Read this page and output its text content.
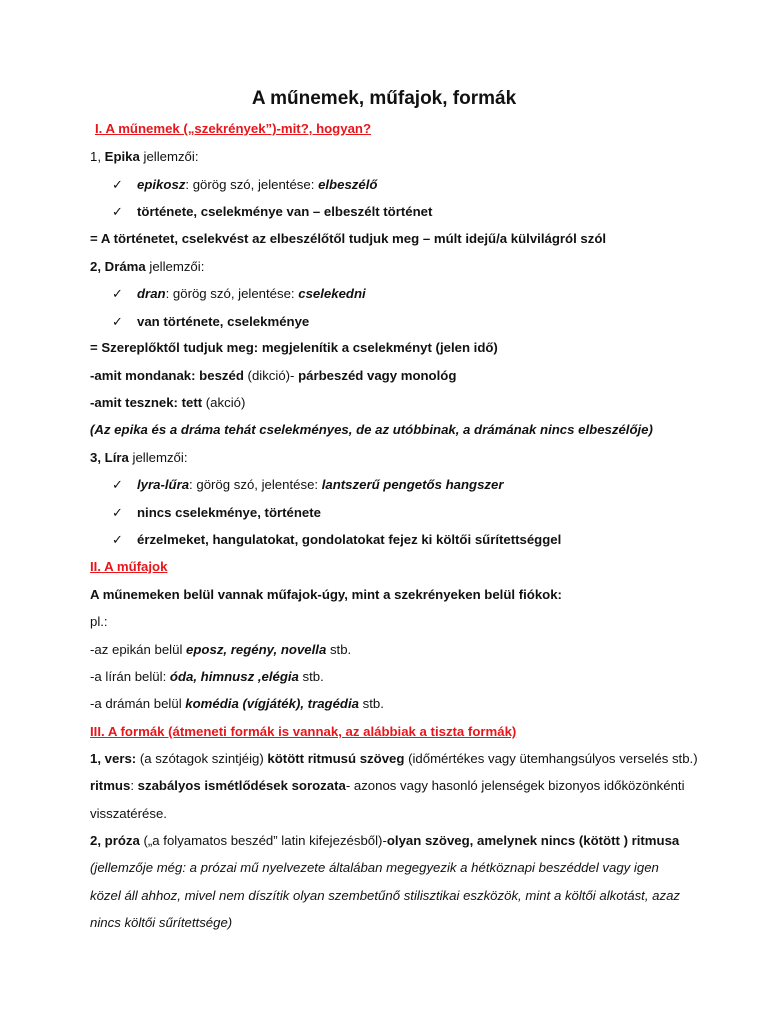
A műnemek, műfajok, formák
I. A műnemek („szekrények”)-mit?, hogyan?
1, Epika jellemzői:
✓ epikosz: görög szó, jelentése: elbeszélő
✓ története, cselekménye van – elbeszélt történet
= A történetet, cselekvést az elbeszélőtől tudjuk meg – múlt idejű/a külvilágról szól
2, Dráma jellemzői:
✓ dran: görög szó, jelentése: cselekedni
✓ van története, cselekménye
= Szereplőktől tudjuk meg: megjelenítik a cselekményt (jelen idő)
-amit mondanak: beszéd (dikció)- párbeszéd vagy monológ
-amit tesznek: tett (akció)
(Az epika és a dráma tehát cselekményes, de az utóbbinak, a drámának nincs elbeszélője)
3, Líra jellemzői:
✓ lyra-lűra: görög szó, jelentése: lantszerű pengetős hangszer
✓ nincs cselekménye, története
✓ érzelmeket, hangulatokat, gondolatokat fejez ki költői sűrítettséggel
II. A műfajok
A műnemeken belül vannak műfajok-úgy, mint a szekrényeken belül fiókok:
pl.:
-az epikán belül eposz, regény, novella stb.
-a lírán belül: óda, himnusz ,elégia stb.
-a drámán belül komédia (vígjáték), tragédia stb.
III. A formák (átmeneti formák is vannak, az alábbiak a tiszta formák)
1, vers: (a szótagok szintjéig) kötött ritmusú szöveg (időmértékes vagy ütemhangsúlyos verselés stb.)
ritmus: szabályos ismétlődések sorozata- azonos vagy hasonló jelenségek bizonyos időközönkénti
visszatérése.
2, próza („a folyamatos beszéd” latin kifejezésből)-olyan szöveg, amelynek nincs (kötött ) ritmusa
(jellemzője még: a prózai mű nyelvezete általában megegyezik a hétköznapi beszéddel vagy igen
közel áll ahhoz, mivel nem díszítik olyan szembetűnő stilisztikai eszközök, mint a költői alkotást, azaz
nincs költői sűrítettsége)
